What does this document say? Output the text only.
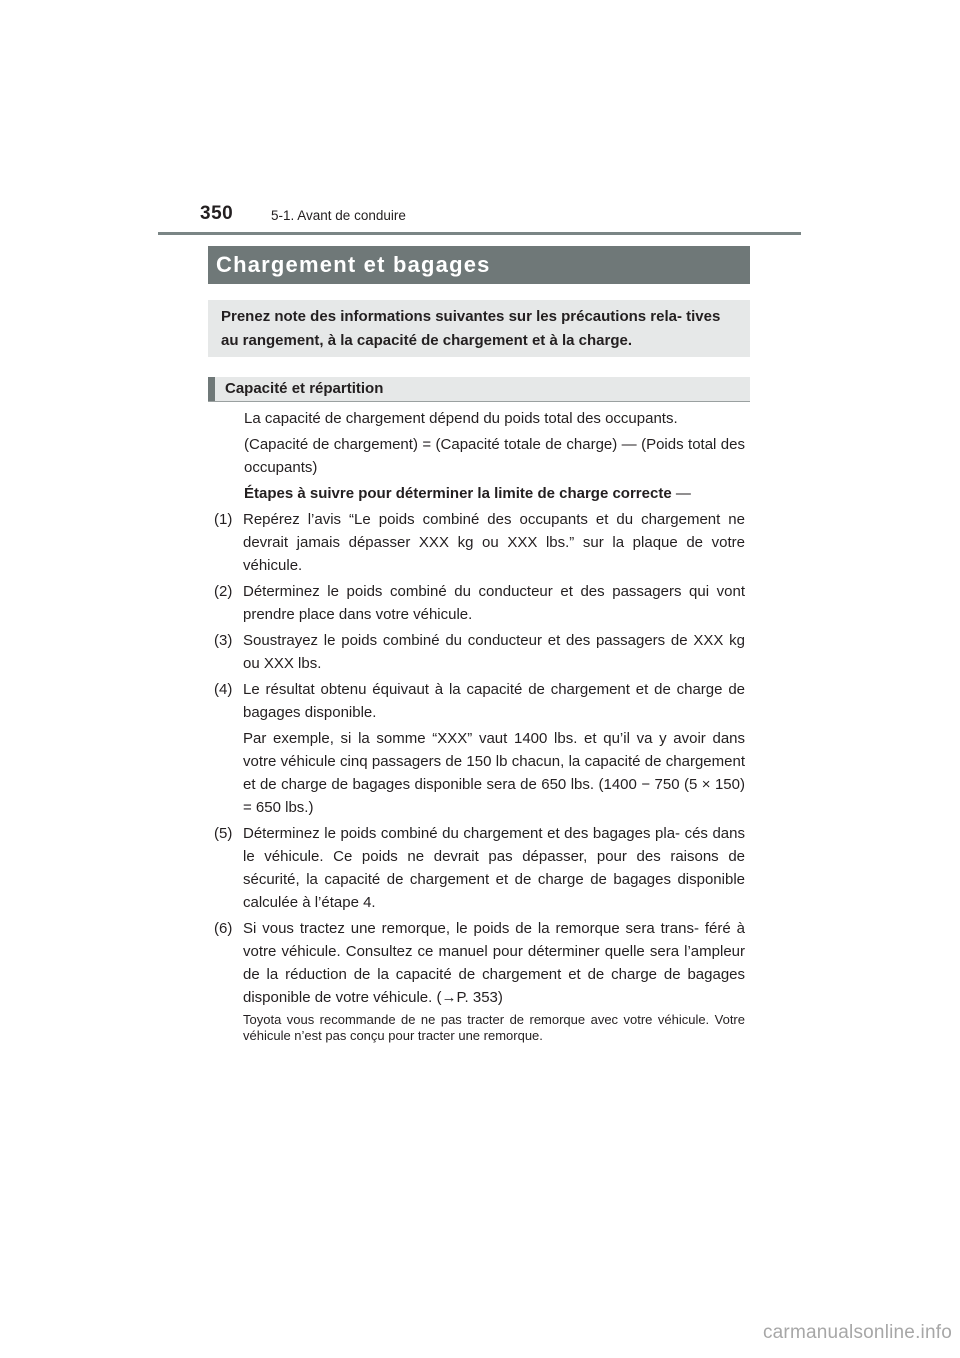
350	5-1. Avant de conduire
Chargement et bagages
Prenez note des informations suivantes sur les précautions rela- tives au rangement, à la capacité de chargement et à la charge.
Capacité et répartition

La capacité de chargement dépend du poids total des occupants.

(Capacité de chargement) = (Capacité totale de charge) — (Poids total des occupants)

Étapes à suivre pour déterminer la limite de charge correcte —

(1) Repérez l’avis “Le poids combiné des occupants et du chargement ne devrait jamais dépasser XXX kg ou XXX lbs.” sur la plaque de votre véhicule.
(2) Déterminez le poids combiné du conducteur et des passagers qui vont prendre place dans votre véhicule.
(3) Soustrayez le poids combiné du conducteur et des passagers de XXX kg ou XXX lbs.
(4) Le résultat obtenu équivaut à la capacité de chargement et de charge de bagages disponible.

Par exemple, si la somme “XXX” vaut 1400 lbs. et qu’il va y avoir dans votre véhicule cinq passagers de 150 lb chacun, la capacité de chargement et de charge de bagages disponible sera de 650 lbs. (1400 − 750 (5 × 150) = 650 lbs.)

(5) Déterminez le poids combiné du chargement et des bagages pla- cés dans le véhicule. Ce poids ne devrait pas dépasser, pour des raisons de sécurité, la capacité de chargement et de charge de bagages disponible calculée à l’étape 4.
(6) Si vous tractez une remorque, le poids de la remorque sera trans- féré à votre véhicule. Consultez ce manuel pour déterminer quelle sera l’ampleur de la réduction de la capacité de chargement et de charge de bagages disponible de votre véhicule. (→P. 353)

Toyota vous recommande de ne pas tracter de remorque avec votre véhicule. Votre véhicule n’est pas conçu pour tracter une remorque.

carmanualsonline.info
